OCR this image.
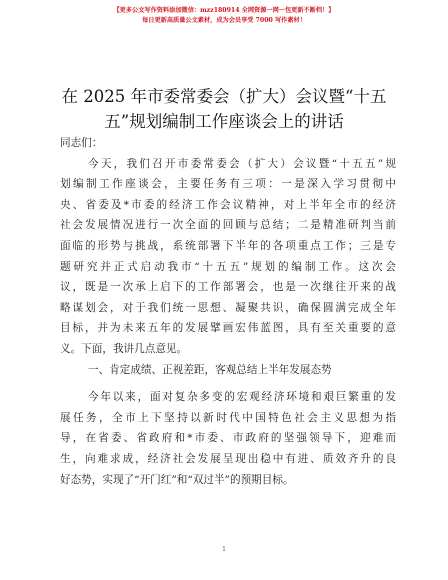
【更多公文写作资料添加微信：mzz180914 全网资源一网一包更新不断档！】
每日更新高质量公文素材，成为会员享受 7000 写作素材！
在 2025 年市委常委会（扩大）会议暨“十五
五”规划编制工作座谈会上的讲话
同志们：
今天，我们召开市委常委会（扩大）会议暨“十五五”规
划编制工作座谈会，主要任务有三项：一是深入学习贯彻中
央、省委及*市委的经济工作会议精神，对上半年全市的经济
社会发展情况进行一次全面的回顾与总结；二是精准研判当前
面临的形势与挑战，系统部署下半年的各项重点工作；三是专
题研究并正式启动我市“十五五”规划的编制工作。这次会
议，既是一次承上启下的工作部署会，也是一次继往开来的战
略谋划会，对于我们统一思想、凝聚共识，确保圆满完成全年
目标，并为未来五年的发展擘画宏伟蓝图，具有至关重要的意
义。下面，我讲几点意见。
一、肯定成绩、正视差距，客观总结上半年发展态势
今年以来，面对复杂多变的宏观经济环境和艰巨繁重的发
展任务，全市上下坚持以新时代中国特色社会主义思想为指
导，在省委、省政府和*市委、市政府的坚强领导下，迎难而
生，向难求成，经济社会发展呈现出稳中有进、质效齐升的良
好态势，实现了“开门红”和“双过半”的预期目标。
1
